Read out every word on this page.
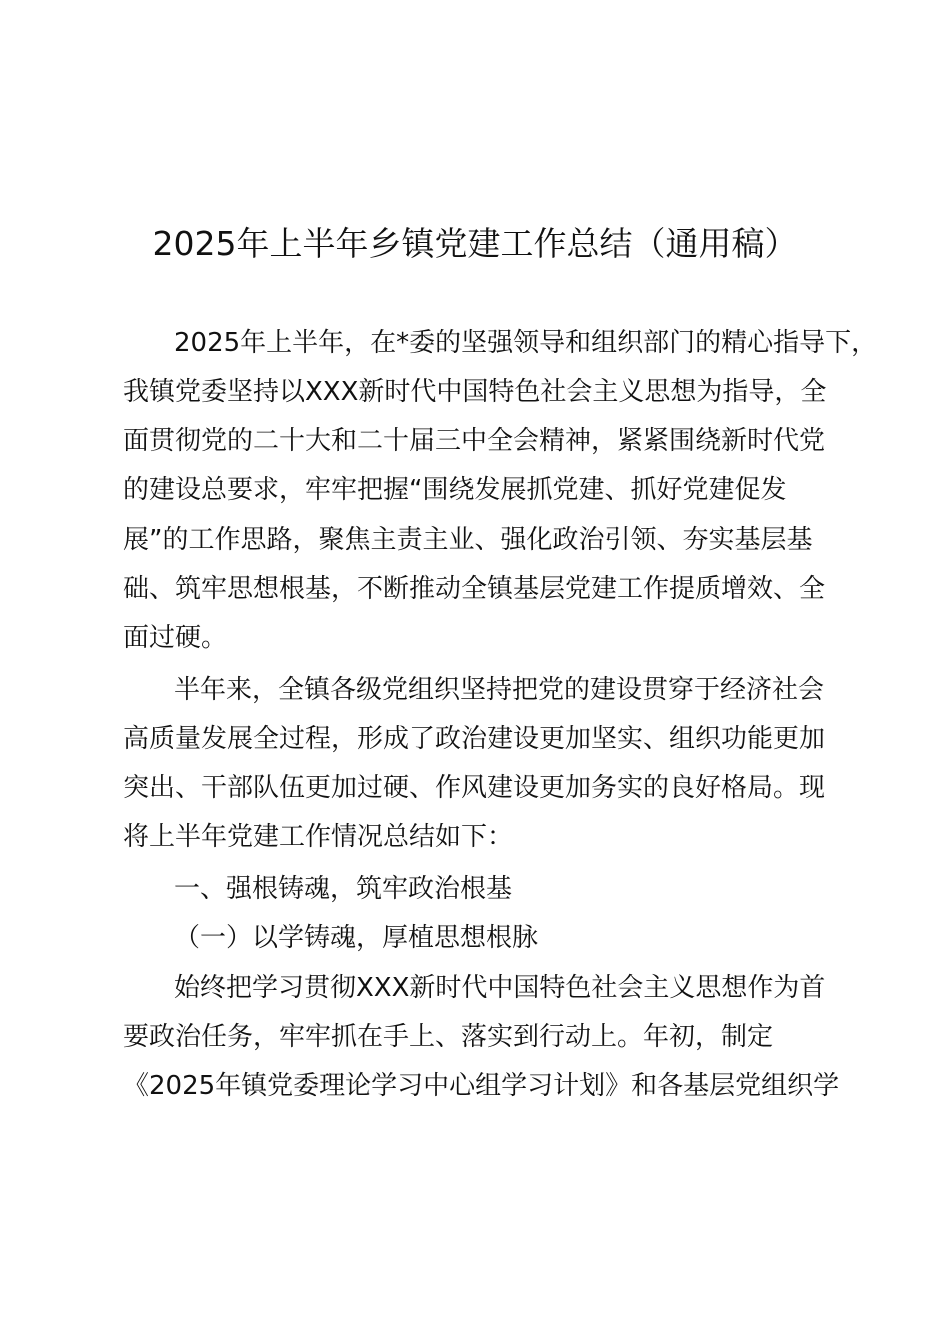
2025年上半年乡镇党建工作总结（通用稿）

2025年上半年，在*委的坚强领导和组织部门的精心指导下，

我镇党委坚持以XXX新时代中国特色社会主义思想为指导，全

面贯彻党的二十大和二十届三中全会精神，紧紧围绕新时代党

的建设总要求，牢牢把握“围绕发展抓党建、抓好党建促发

展”的工作思路，聚焦主责主业、强化政治引领、夯实基层基

础、筑牢思想根基，不断推动全镇基层党建工作提质增效、全

面过硬。

半年来，全镇各级党组织坚持把党的建设贯穿于经济社会

高质量发展全过程，形成了政治建设更加坚实、组织功能更加

突出、干部队伍更加过硬、作风建设更加务实的良好格局。现

将上半年党建工作情况总结如下：

一、强根铸魂，筑牢政治根基

（一）以学铸魂，厚植思想根脉

始终把学习贯彻XXX新时代中国特色社会主义思想作为首

要政治任务，牢牢抓在手上、落实到行动上。年初，制定

《2025年镇党委理论学习中心组学习计划》和各基层党组织学
